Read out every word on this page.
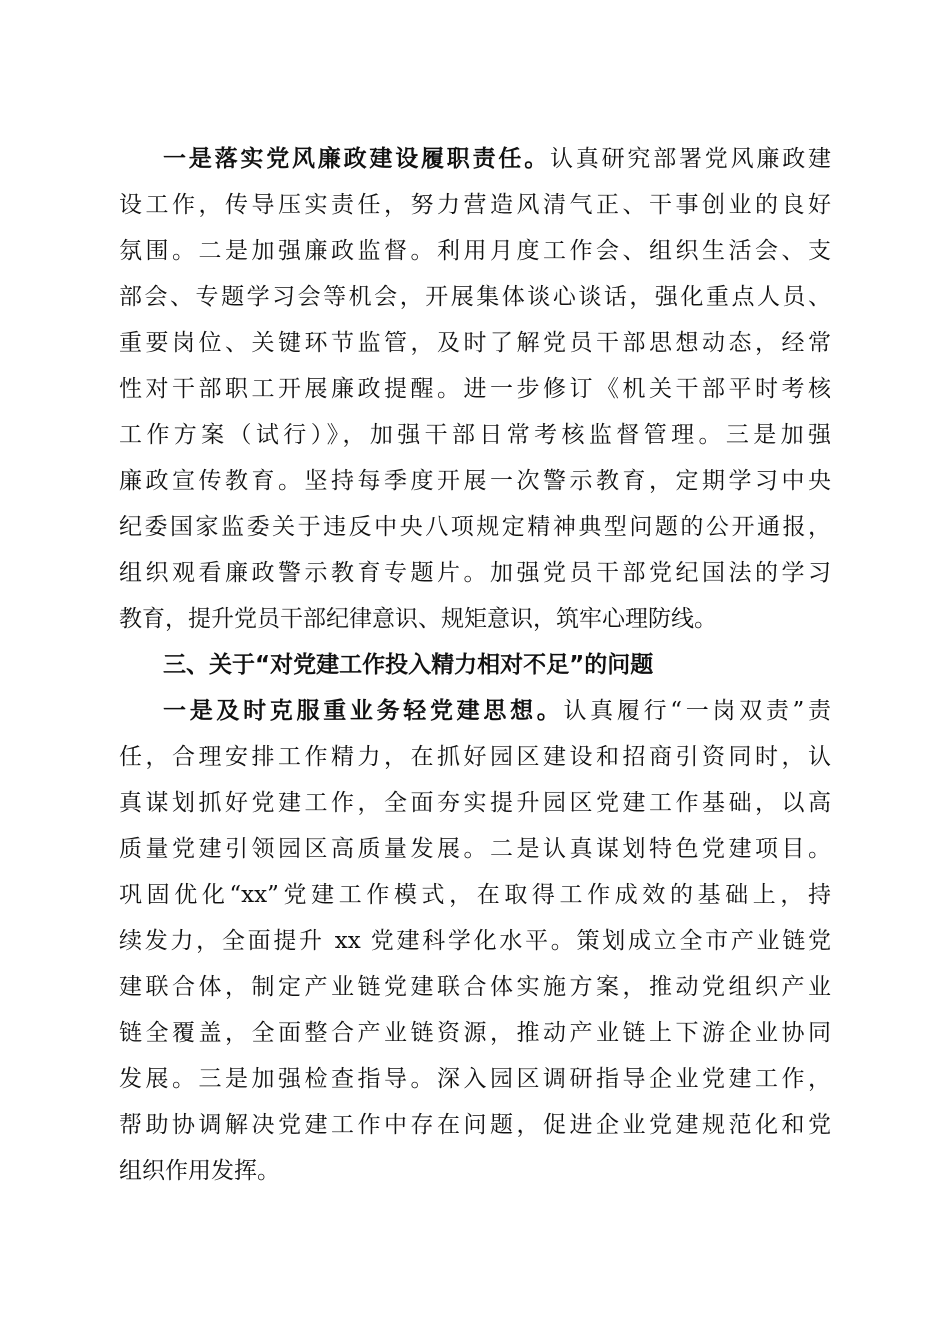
一是落实党风廉政建设履职责任。认真研究部署党风廉政建
设工作，传导压实责任，努力营造风清气正、干事创业的良好
氛围。二是加强廉政监督。利用月度工作会、组织生活会、支
部会、专题学习会等机会，开展集体谈心谈话，强化重点人员、
重要岗位、关键环节监管，及时了解党员干部思想动态，经常
性对干部职工开展廉政提醒。进一步修订《机关干部平时考核
工作方案（试行）》，加强干部日常考核监督管理。三是加强
廉政宣传教育。坚持每季度开展一次警示教育，定期学习中央
纪委国家监委关于违反中央八项规定精神典型问题的公开通报，
组织观看廉政警示教育专题片。加强党员干部党纪国法的学习
教育，提升党员干部纪律意识、规矩意识，筑牢心理防线。

三、关于“对党建工作投入精力相对不足”的问题

一是及时克服重业务轻党建思想。认真履行“一岗双责”责
任，合理安排工作精力，在抓好园区建设和招商引资同时，认
真谋划抓好党建工作，全面夯实提升园区党建工作基础，以高
质量党建引领园区高质量发展。二是认真谋划特色党建项目。
巩固优化“xx”党建工作模式，在取得工作成效的基础上，持
续发力，全面提升 xx 党建科学化水平。策划成立全市产业链党
建联合体，制定产业链党建联合体实施方案，推动党组织产业
链全覆盖，全面整合产业链资源，推动产业链上下游企业协同
发展。三是加强检查指导。深入园区调研指导企业党建工作，
帮助协调解决党建工作中存在问题，促进企业党建规范化和党
组织作用发挥。
